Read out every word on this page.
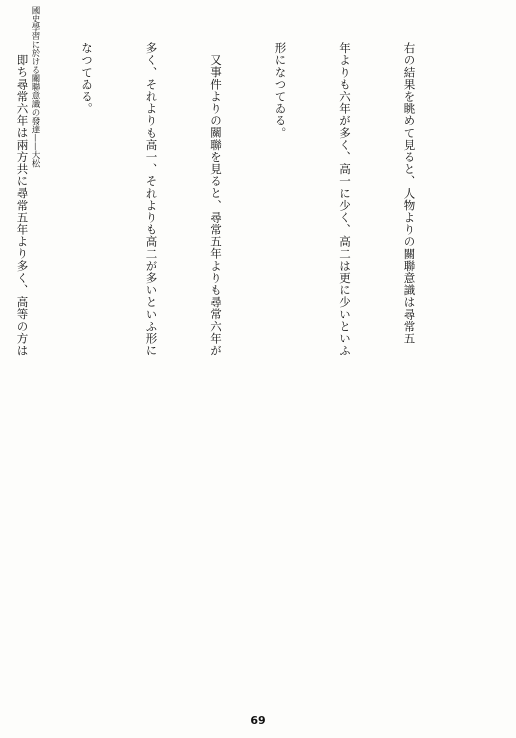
國史學習に於ける關聯意識の發達——大松

	右の結果を眺めて見ると、人物よりの關聯意識は尋常五

年よりも六年が多く、高一に少く、高二は更に少いといふ

形になつてゐる。

又事件よりの關聯を見ると、尋常五年よりも尋常六年が

多く、それよりも高一、それよりも高二が多いといふ形に

なつてゐる。

即ち尋常六年は兩方共に尋常五年より多く、高等の方は

69
